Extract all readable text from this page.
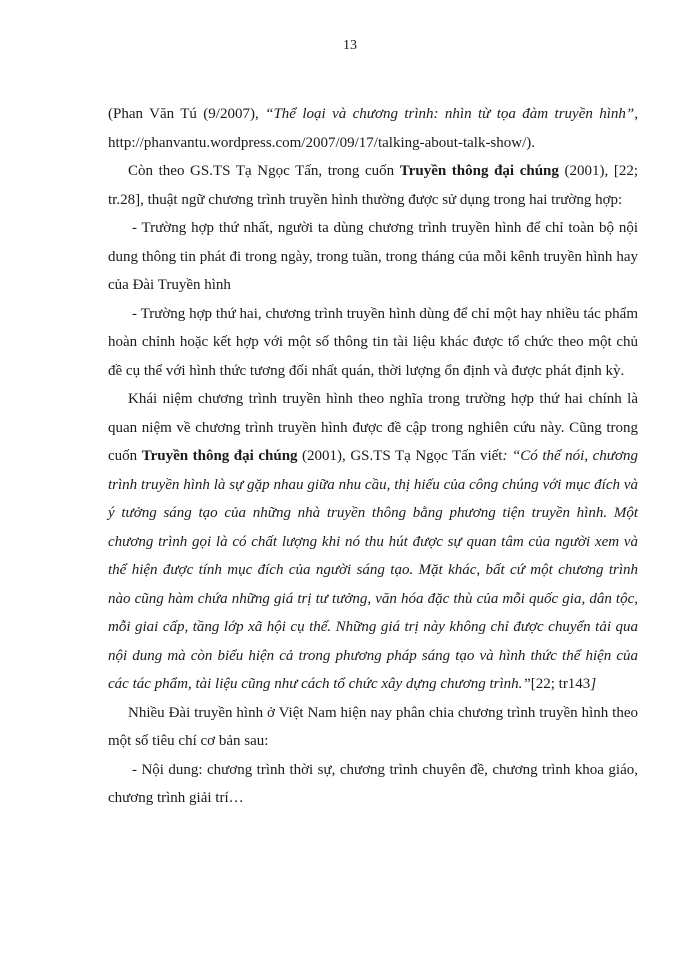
13

(Phan Văn Tú (9/2007), “Thể loại và chương trình: nhìn từ tọa đàm truyền hình”, http://phanvantu.wordpress.com/2007/09/17/talking-about-talk-show/).

Còn theo GS.TS Tạ Ngọc Tấn, trong cuốn Truyền thông đại chúng (2001), [22; tr.28], thuật ngữ chương trình truyền hình thường được sử dụng trong hai trường hợp:

- Trường hợp thứ nhất, người ta dùng chương trình truyền hình để chỉ toàn bộ nội dung thông tin phát đi trong ngày, trong tuần, trong tháng của mỗi kênh truyền hình hay của Đài Truyền hình

- Trường hợp thứ hai, chương trình truyền hình dùng để chỉ một hay nhiều tác phẩm hoàn chỉnh hoặc kết hợp với một số thông tin tài liệu khác được tổ chức theo một chủ đề cụ thể với hình thức tương đối nhất quán, thời lượng ổn định và được phát định kỳ.

Khái niệm chương trình truyền hình theo nghĩa trong trường hợp thứ hai chính là quan niệm về chương trình truyền hình được đề cập trong nghiên cứu này. Cũng trong cuốn Truyền thông đại chúng (2001), GS.TS Tạ Ngọc Tấn viết: “Có thể nói, chương trình truyền hình là sự gặp nhau giữa nhu cầu, thị hiếu của công chúng với mục đích và ý tưởng sáng tạo của những nhà truyền thông bằng phương tiện truyền hình. Một chương trình gọi là có chất lượng khi nó thu hút được sự quan tâm của người xem và thể hiện được tính mục đích của người sáng tạo. Mặt khác, bất cứ một chương trình nào cũng hàm chứa những giá trị tư tưởng, văn hóa đặc thù của mỗi quốc gia, dân tộc, mỗi giai cấp, tầng lớp xã hội cụ thể. Những giá trị này không chỉ được chuyển tải qua nội dung mà còn biểu hiện cả trong phương pháp sáng tạo và hình thức thể hiện của các tác phẩm, tài liệu cũng như cách tổ chức xây dựng chương trình.”[22; tr143]

Nhiều Đài truyền hình ở Việt Nam hiện nay phân chia chương trình truyền hình theo một số tiêu chí cơ bản sau:

- Nội dung: chương trình thời sự, chương trình chuyên đề, chương trình khoa giáo, chương trình giải trí…
